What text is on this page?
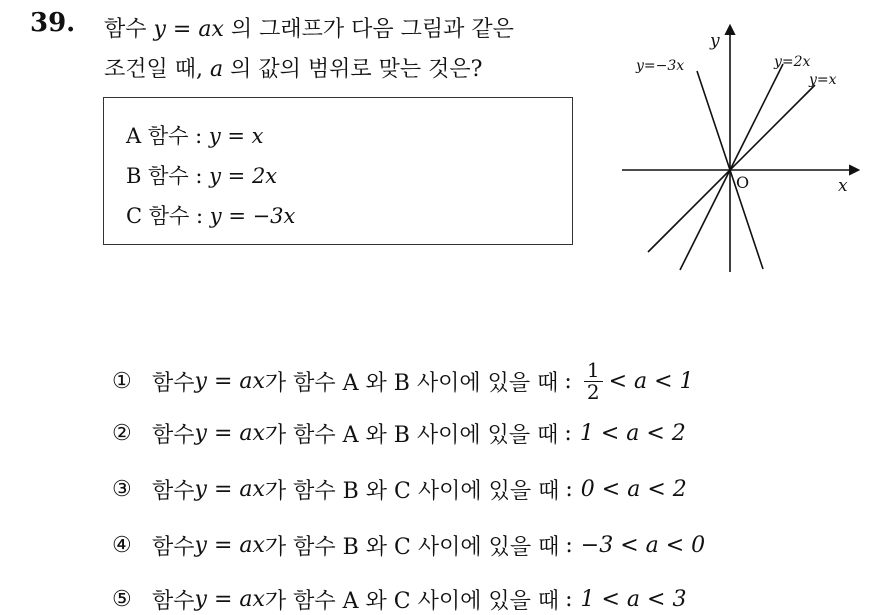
39. 함수 y = ax 의 그래프가 다음 그림과 같은
조건일 때, a 의 값의 범위로 맞는 것은?
A 함수 : y = x
B 함수 : y = 2x
C 함수 : y = −3x
y
x
O
y=−3x	y=2x
y=x
① 함수 y = ax 가 함수 A 와 B 사이에 있을 때 : $\frac{1}{2} < a < 1$
② 함수 y = ax 가 함수 A 와 B 사이에 있을 때 : 1 < a < 2
③ 함수 y = ax 가 함수 B 와 C 사이에 있을 때 : 0 < a < 2
④ 함수 y = ax 가 함수 B 와 C 사이에 있을 때 : −3 < a < 0
⑤ 함수 y = ax 가 함수 A 와 C 사이에 있을 때 : 1 < a < 3
